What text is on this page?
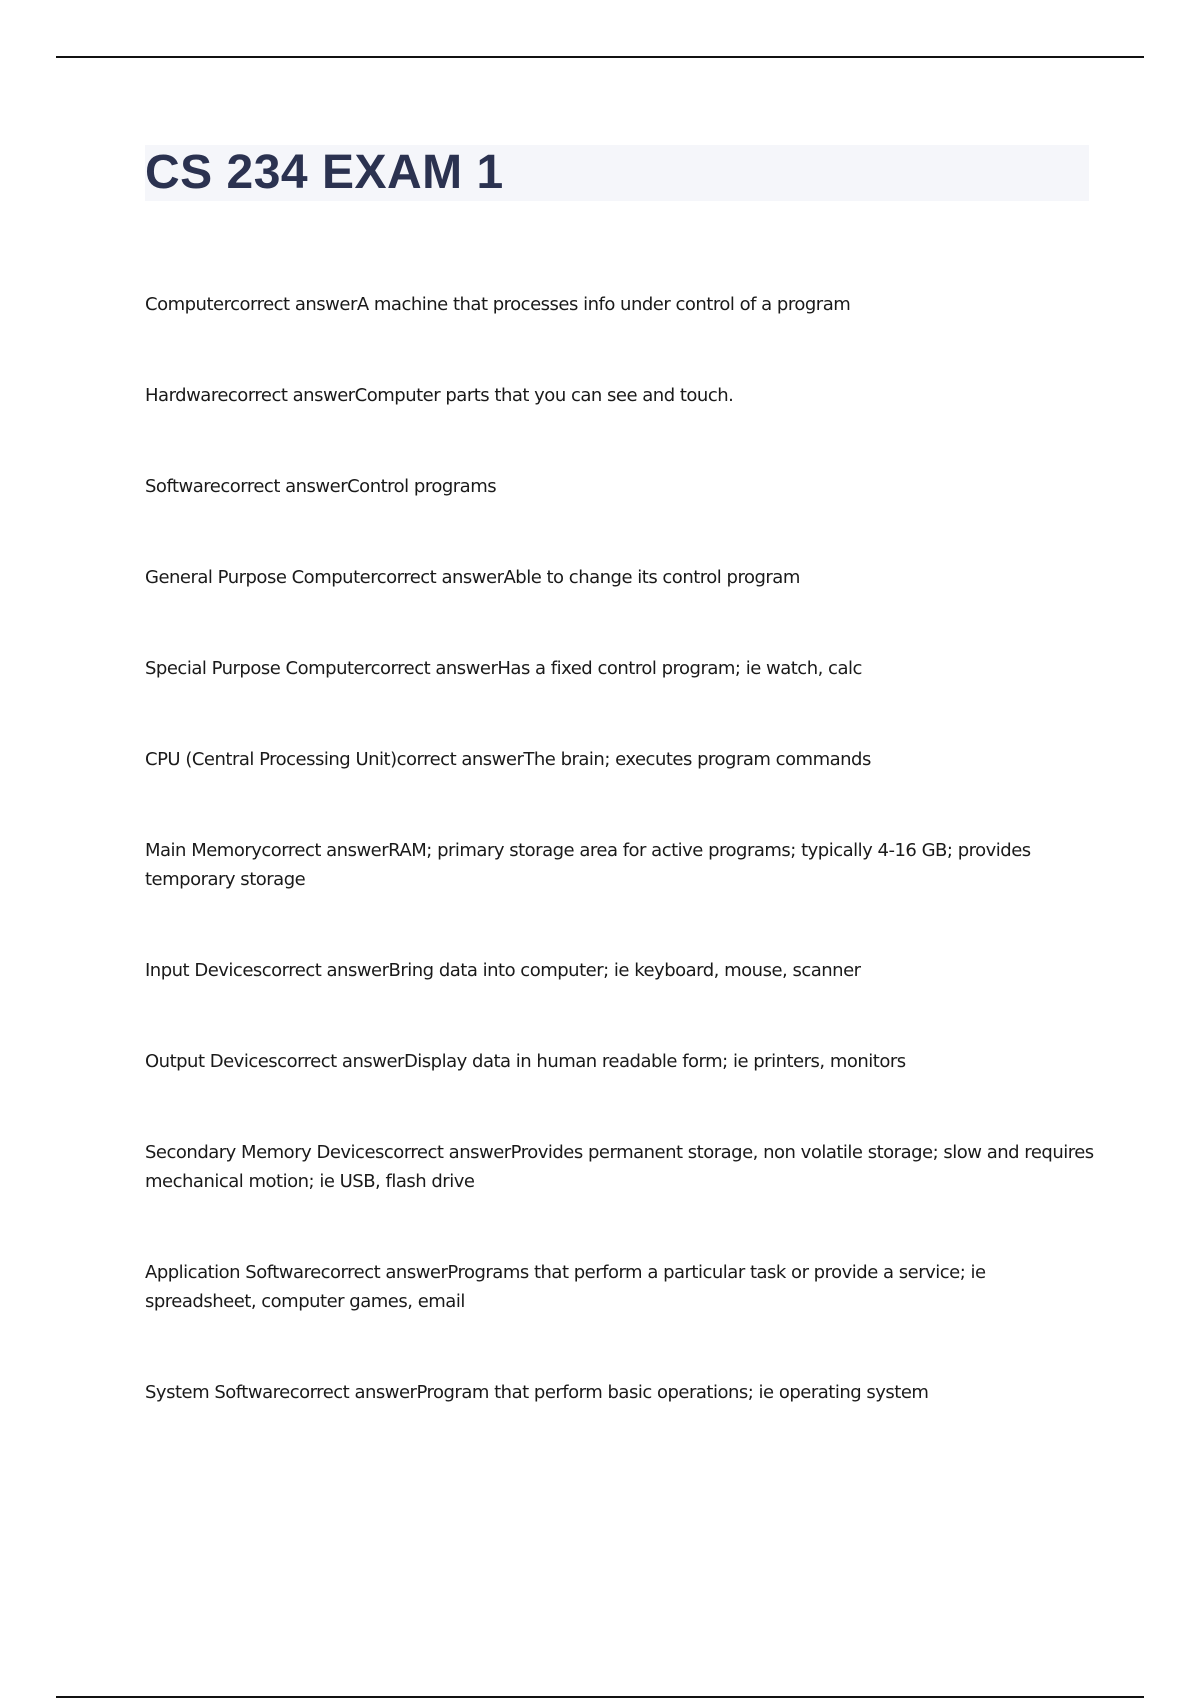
CS 234 EXAM 1
Computercorrect answerA machine that processes info under control of a program
Hardwarecorrect answerComputer parts that you can see and touch.
Softwarecorrect answerControl programs
General Purpose Computercorrect answerAble to change its control program
Special Purpose Computercorrect answerHas a fixed control program; ie watch, calc
CPU (Central Processing Unit)correct answerThe brain; executes program commands
Main Memorycorrect answerRAM; primary storage area for active programs; typically 4-16 GB; provides temporary storage
Input Devicescorrect answerBring data into computer; ie keyboard, mouse, scanner
Output Devicescorrect answerDisplay data in human readable form; ie printers, monitors
Secondary Memory Devicescorrect answerProvides permanent storage, non volatile storage; slow and requires mechanical motion; ie USB, flash drive
Application Softwarecorrect answerPrograms that perform a particular task or provide a service; ie spreadsheet, computer games, email
System Softwarecorrect answerProgram that perform basic operations; ie operating system
